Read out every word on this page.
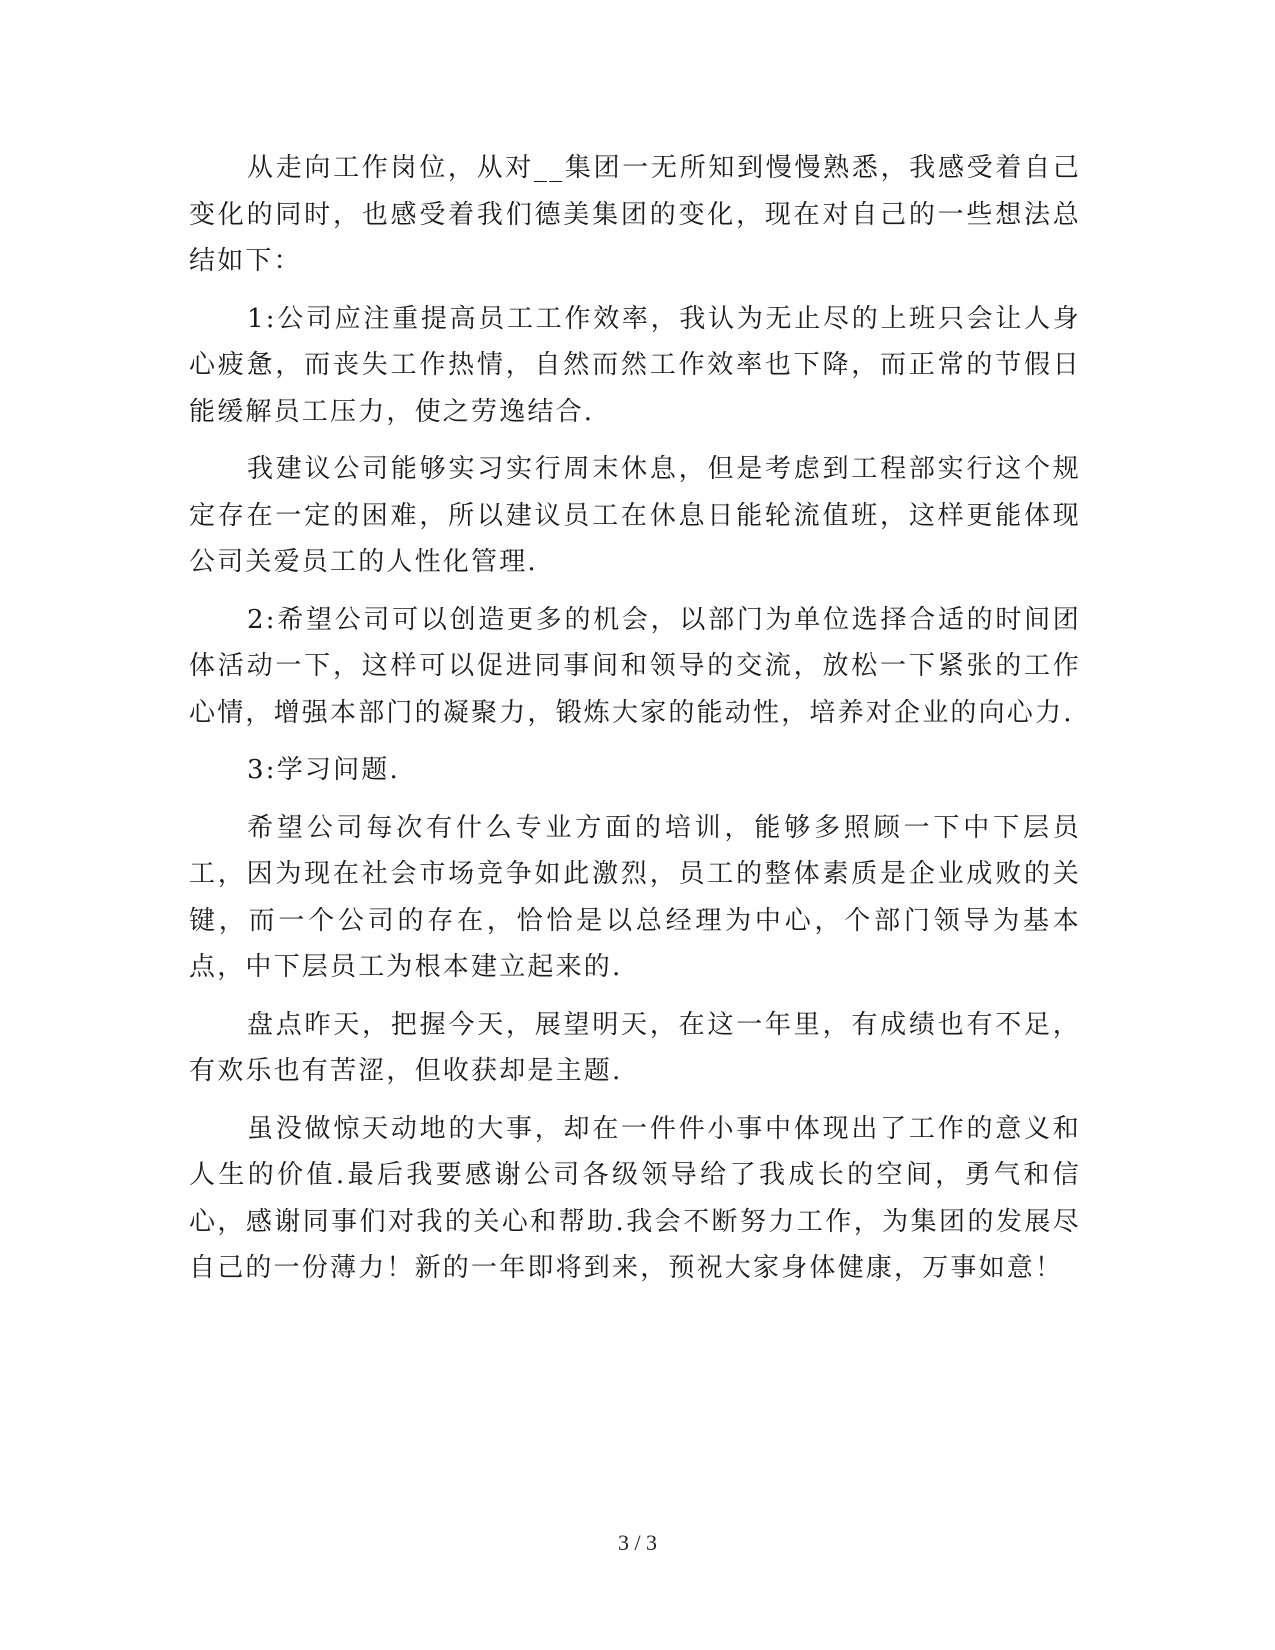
从走向工作岗位，从对__集团一无所知到慢慢熟悉，我感受着自己变化的同时，也感受着我们德美集团的变化，现在对自己的一些想法总结如下：

1:公司应注重提高员工工作效率，我认为无止尽的上班只会让人身心疲惫，而丧失工作热情，自然而然工作效率也下降，而正常的节假日能缓解员工压力，使之劳逸结合.

我建议公司能够实习实行周末休息，但是考虑到工程部实行这个规定存在一定的困难，所以建议员工在休息日能轮流值班，这样更能体现公司关爱员工的人性化管理.

2:希望公司可以创造更多的机会，以部门为单位选择合适的时间团体活动一下，这样可以促进同事间和领导的交流，放松一下紧张的工作心情，增强本部门的凝聚力，锻炼大家的能动性，培养对企业的向心力.

3:学习问题.

希望公司每次有什么专业方面的培训，能够多照顾一下中下层员工，因为现在社会市场竞争如此激烈，员工的整体素质是企业成败的关键，而一个公司的存在，恰恰是以总经理为中心，个部门领导为基本点，中下层员工为根本建立起来的.

盘点昨天，把握今天，展望明天，在这一年里，有成绩也有不足，有欢乐也有苦涩，但收获却是主题.

虽没做惊天动地的大事，却在一件件小事中体现出了工作的意义和人生的价值.最后我要感谢公司各级领导给了我成长的空间，勇气和信心，感谢同事们对我的关心和帮助.我会不断努力工作，为集团的发展尽自己的一份薄力！新的一年即将到来，预祝大家身体健康，万事如意！

3 / 3
